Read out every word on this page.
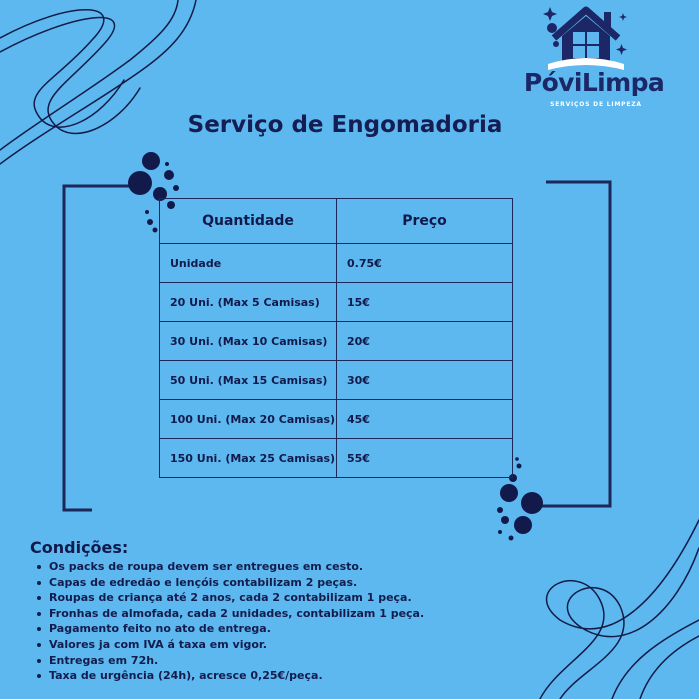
PóviLimpa
SERVIÇOS DE LIMPEZA
Serviço de Engomadoria
Quantidade	Preço
Unidade	0.75€
20 Uni. (Max 5 Camisas)	15€
30 Uni. (Max 10 Camisas)	20€
50 Uni. (Max 15 Camisas)	30€
100 Uni. (Max 20 Camisas)	45€
150 Uni. (Max 25 Camisas)	55€
Condições:
Os packs de roupa devem ser entregues em cesto.
Capas de edredão e lençóis contabilizam 2 peças.
Roupas de criança até 2 anos, cada 2 contabilizam 1 peça.
Fronhas de almofada, cada 2 unidades, contabilizam 1 peça.
Pagamento feito no ato de entrega.
Valores ja com IVA á taxa em vigor.
Entregas em 72h.
Taxa de urgência (24h), acresce 0,25€/peça.
